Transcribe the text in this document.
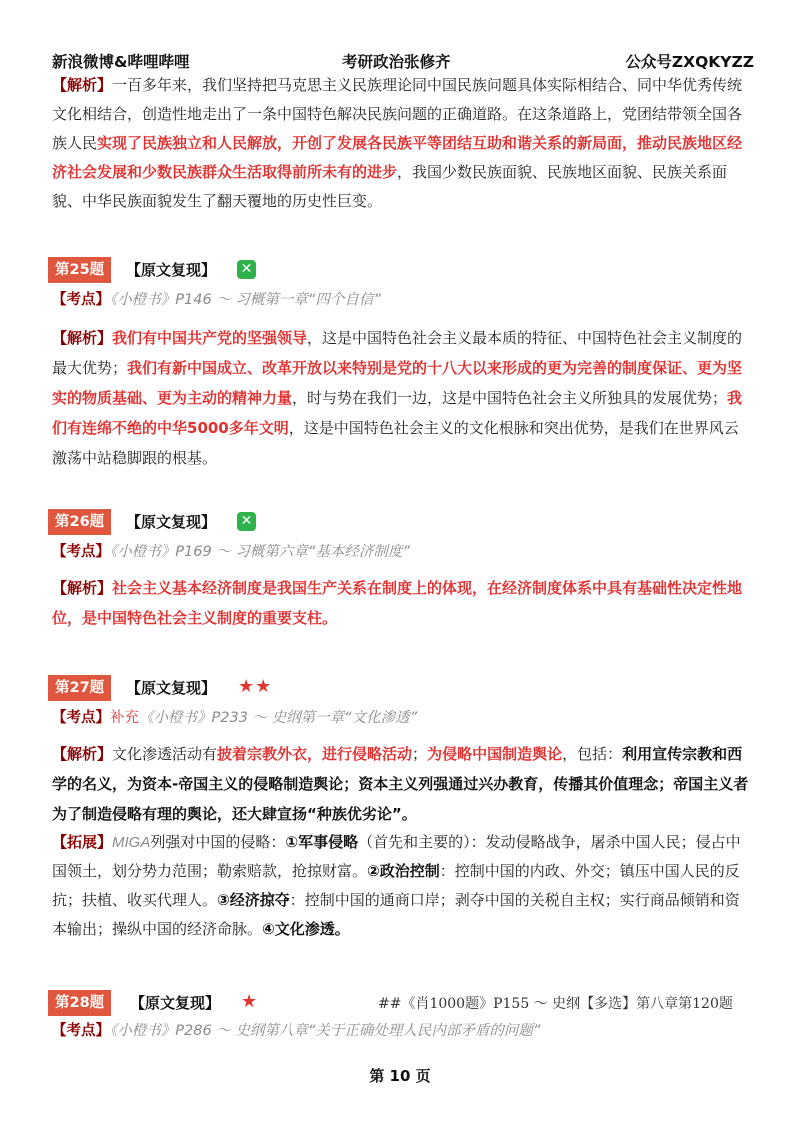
新浪微博&哔哩哔哩	考研政治张修齐	公众号ZXQKYZZ
【解析】一百多年来，我们坚持把马克思主义民族理论同中国民族问题具体实际相结合、同中华优秀传统文化相结合，创造性地走出了一条中国特色解决民族问题的正确道路。在这条道路上，党团结带领全国各族人民实现了民族独立和人民解放，开创了发展各民族平等团结互助和谐关系的新局面，推动民族地区经济社会发展和少数民族群众生活取得前所未有的进步，我国少数民族面貌、民族地区面貌、民族关系面貌、中华民族面貌发生了翻天覆地的历史性巨变。
第25题	【原文复现】 ✕
【考点】《小橙书》P146 ～ 习概第一章“四个自信”
【解析】我们有中国共产党的坚强领导，这是中国特色社会主义最本质的特征、中国特色社会主义制度的最大优势；我们有新中国成立、改革开放以来特别是党的十八大以来形成的更为完善的制度保证、更为坚实的物质基础、更为主动的精神力量，时与势在我们一边，这是中国特色社会主义所独具的发展优势；我们有连绵不绝的中华5000多年文明，这是中国特色社会主义的文化根脉和突出优势，是我们在世界风云激荡中站稳脚跟的根基。
第26题	【原文复现】 ✕
【考点】《小橙书》P169 ～ 习概第六章“基本经济制度”
【解析】社会主义基本经济制度是我国生产关系在制度上的体现，在经济制度体系中具有基础性决定性地位，是中国特色社会主义制度的重要支柱。
第27题	【原文复现】 ★★
【考点】补充《小橙书》P233 ～ 史纲第一章“文化渗透”
【解析】文化渗透活动有披着宗教外衣，进行侵略活动；为侵略中国制造舆论，包括：利用宣传宗教和西学的名义，为资本-帝国主义的侵略制造舆论；资本主义列强通过兴办教育，传播其价值理念；帝国主义者为了制造侵略有理的舆论，还大肆宣扬“种族优劣论”。
【拓展】MIGA列强对中国的侵略：①军事侵略（首先和主要的）：发动侵略战争，屠杀中国人民；侵占中国领土，划分势力范围；勒索赔款，抢掠财富。②政治控制：控制中国的内政、外交；镇压中国人民的反抗；扶植、收买代理人。③经济掠夺：控制中国的通商口岸；剥夺中国的关税自主权；实行商品倾销和资本输出；操纵中国的经济命脉。④文化渗透。
第28题	【原文复现】 ★	##《肖1000题》P155 ～ 史纲【多选】第八章第120题
【考点】《小橙书》P286 ～ 史纲第八章“关于正确处理人民内部矛盾的问题”
第 10 页
